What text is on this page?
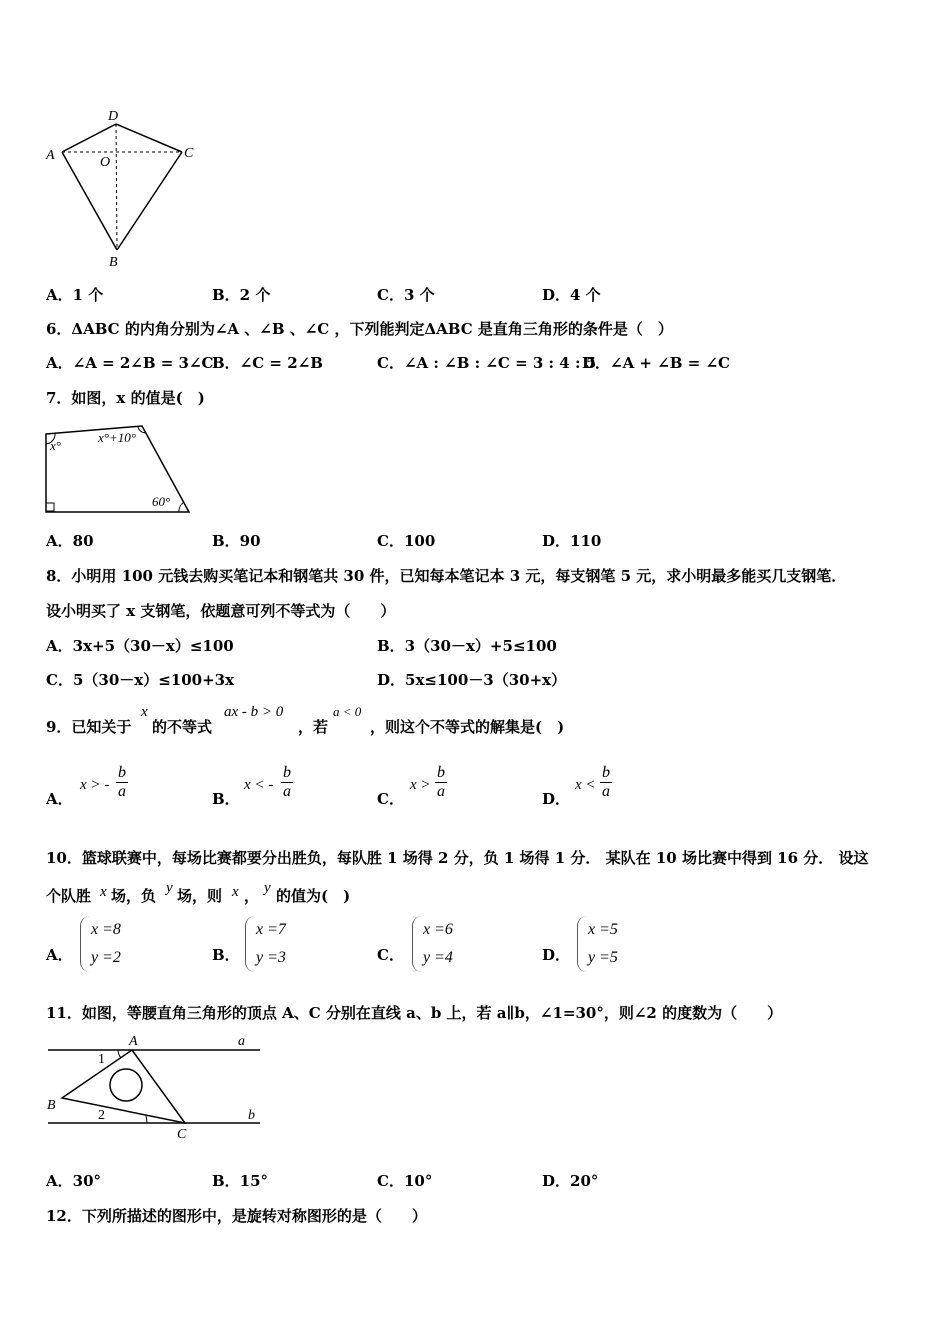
D
A	O
C
B
A．1 个	B．2 个	C．3 个	D．4 个
6．ΔABC 的内角分别为∠A 、∠B 、∠C ，下列能判定ΔABC 是直角三角形的条件是（　）
A．∠A = 2∠B = 3∠C
B．∠C = 2∠B	C．∠A : ∠B : ∠C = 3 : 4 : 5
D．∠A + ∠B = ∠C
7．如图，x 的值是(　)
x°
x°+10°
60°
A．80	B．90	C．100	D．110
8．小明用 100 元钱去购买笔记本和钢笔共 30 件，已知每本笔记本 3 元，每支钢笔 5 元，求小明最多能买几支钢笔．
设小明买了 x 支钢笔，依题意可列不等式为（　　）
A．3x+5（30－x）≤100	B．3（30－x）+5≤100
C．5（30－x）≤100+3x	D．5x≤100－3（30+x）
9．已知关于
x
的不等式
ax - b > 0
，若
a < 0
，则这个不等式的解集是(　)
A．
x > - $\frac{b}{a}$	B．
x < - $\frac{b}{a}$	C．
$x > \frac{b}{a}$	D．
$x < \frac{b}{a}$
10．篮球联赛中，每场比赛都要分出胜负，每队胜 1 场得 2 分，负 1 场得 1 分． 某队在 10 场比赛中得到 16 分． 设这
个队胜 x 场，负 y 场，则 x ， y 的值为(　)
A．
x =8
y =2	B．
x =7
y =3	C．
x =6
y =4	D．
x =5
y =5
11．如图，等腰直角三角形的顶点 A、C 分别在直线 a、b 上，若 a∥b，∠1=30°，则∠2 的度数为（　　）
A	a
1
B
2	b
C
A．30°	B．15°	C．10°	D．20°
12．下列所描述的图形中，是旋转对称图形的是（　　）
